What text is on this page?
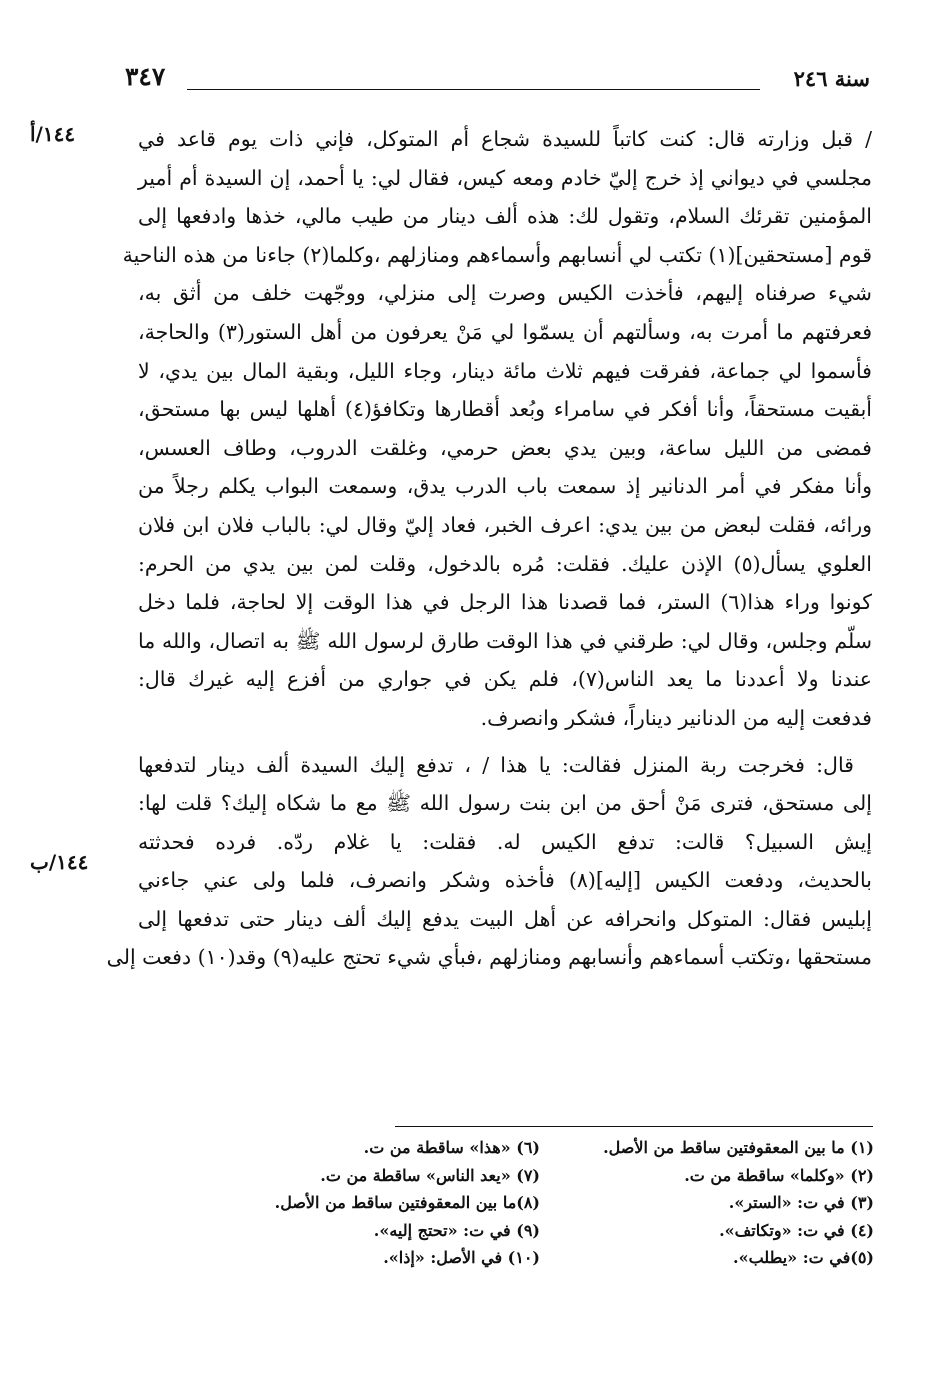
سنة ٢٤٦
٣٤٧
١٤٤/أ
١٤٤/ب
/ قبل وزارته قال: كنت كاتباً للسيدة شجاع أم المتوكل، فإني ذات يوم قاعد في
مجلسي في ديواني إذ خرج إليّ خادم ومعه كيس، فقال لي: يا أحمد، إن السيدة أم أمير
المؤمنين تقرئك السلام، وتقول لك: هذه ألف دينار من طيب مالي، خذها وادفعها إلى
قوم [مستحقين](١) تكتب لي أنسابهم وأسماءهم ومنازلهم ،وكلما(٢) جاءنا من هذه الناحية
شيء صرفناه إليهم، فأخذت الكيس وصرت إلى منزلي، ووجّهت خلف من أثق به،
فعرفتهم ما أمرت به، وسألتهم أن يسمّوا لي مَنْ يعرفون من أهل الستور(٣) والحاجة،
فأسموا لي جماعة، ففرقت فيهم ثلاث مائة دينار، وجاء الليل، وبقية المال بين يدي، لا
أبقيت مستحقاً، وأنا أفكر في سامراء وبُعد أقطارها وتكافؤ(٤) أهلها ليس بها مستحق،
فمضى من الليل ساعة، وبين يدي بعض حرمي، وغلقت الدروب، وطاف العسس،
وأنا مفكر في أمر الدنانير إذ سمعت باب الدرب يدق، وسمعت البواب يكلم رجلاً من
ورائه، فقلت لبعض من بين يدي: اعرف الخبر، فعاد إليّ وقال لي: بالباب فلان ابن فلان
العلوي يسأل(٥) الإذن عليك. فقلت: مُره بالدخول، وقلت لمن بين يدي من الحرم:
كونوا وراء هذا(٦) الستر، فما قصدنا هذا الرجل في هذا الوقت إلا لحاجة، فلما دخل
سلّم وجلس، وقال لي: طرقني في هذا الوقت طارق لرسول الله ﷺ به اتصال، والله ما
عندنا ولا أعددنا ما يعد الناس(٧)، فلم يكن في جواري من أفزع إليه غيرك قال:
فدفعت إليه من الدنانير ديناراً، فشكر وانصرف.
قال: فخرجت ربة المنزل فقالت: يا هذا / ، تدفع إليك السيدة ألف دينار لتدفعها
إلى مستحق، فترى مَنْ أحق من ابن بنت رسول الله ﷺ مع ما شكاه إليك؟ قلت لها:
إيش السبيل؟ قالت: تدفع الكيس له. فقلت: يا غلام ردّه. فرده فحدثته
بالحديث، ودفعت الكيس [إليه](٨) فأخذه وشكر وانصرف، فلما ولى عني جاءني
إبليس فقال: المتوكل وانحرافه عن أهل البيت يدفع إليك ألف دينار حتى تدفعها إلى
مستحقها ،وتكتب أسماءهم وأنسابهم ومنازلهم ،فبأي شيء تحتج عليه(٩) وقد(١٠) دفعت إلى
(١) ما بين المعقوفتين ساقط من الأصل.
(٢) «وكلما» ساقطة من ت.
(٣) في ت: «الستر».
(٤) في ت: «وتكاتف».
(٥)في ت: «يطلب».
(٦) «هذا» ساقطة من ت.
(٧) «يعد الناس» ساقطة من ت.
(٨)ما بين المعقوفتين ساقط من الأصل.
(٩) في ت: «تحتج إليه».
(١٠) في الأصل: «إذا».
